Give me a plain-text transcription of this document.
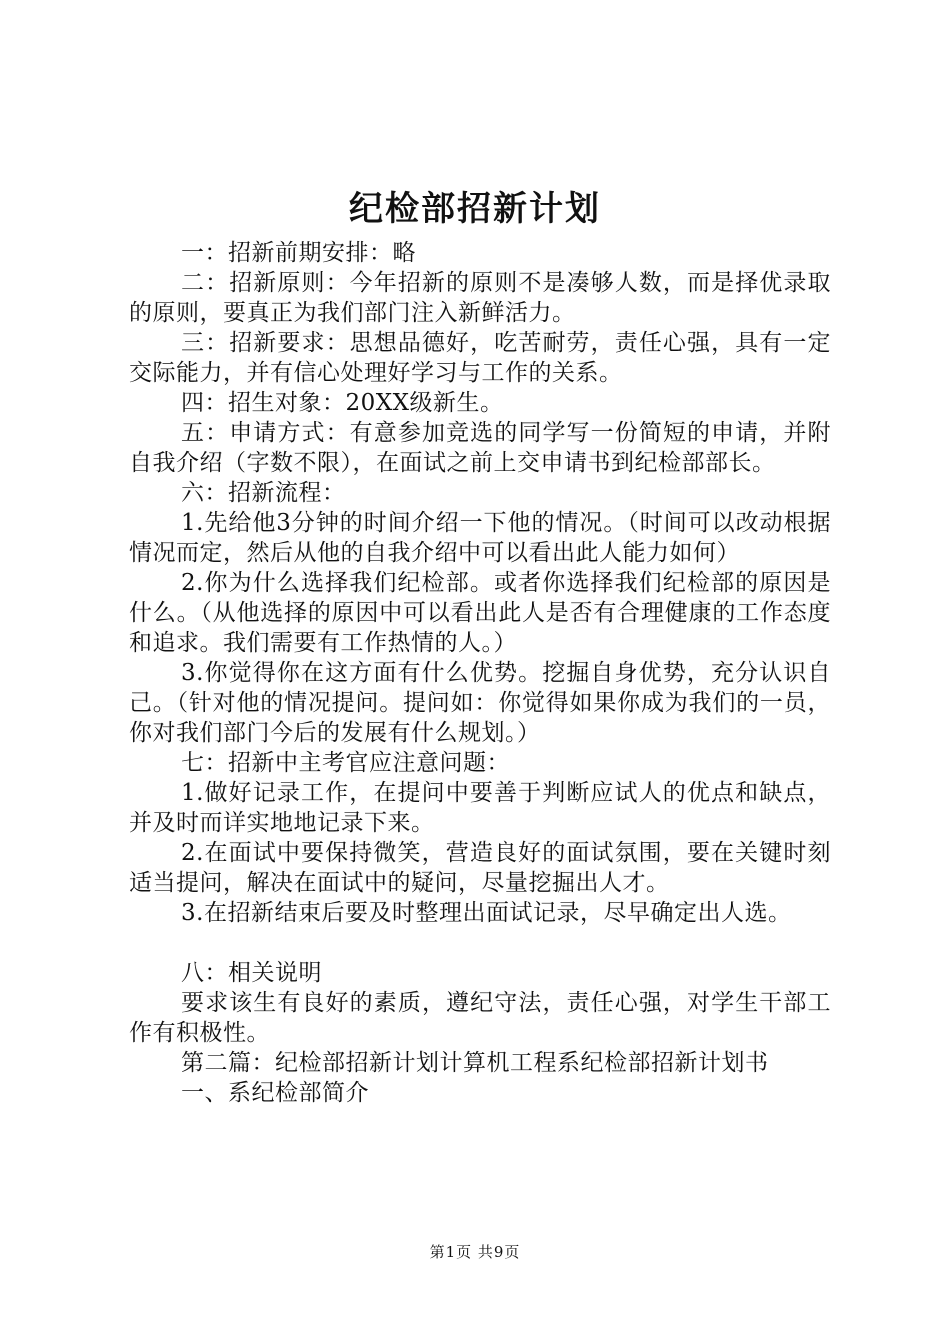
纪检部招新计划

一：招新前期安排：略

二：招新原则：今年招新的原则不是凑够人数，而是择优录取的原则，要真正为我们部门注入新鲜活力。

三：招新要求：思想品德好，吃苦耐劳，责任心强，具有一定交际能力，并有信心处理好学习与工作的关系。

四：招生对象：20XX级新生。

五：申请方式：有意参加竞选的同学写一份简短的申请，并附自我介绍（字数不限），在面试之前上交申请书到纪检部部长。

六：招新流程：

1.先给他3分钟的时间介绍一下他的情况。（时间可以改动根据情况而定，然后从他的自我介绍中可以看出此人能力如何）

2.你为什么选择我们纪检部。或者你选择我们纪检部的原因是什么。（从他选择的原因中可以看出此人是否有合理健康的工作态度和追求。我们需要有工作热情的人。）

3.你觉得你在这方面有什么优势。挖掘自身优势，充分认识自己。（针对他的情况提问。提问如：你觉得如果你成为我们的一员，你对我们部门今后的发展有什么规划。）

七：招新中主考官应注意问题：

1.做好记录工作，在提问中要善于判断应试人的优点和缺点，并及时而详实地地记录下来。

2.在面试中要保持微笑，营造良好的面试氛围，要在关键时刻适当提问，解决在面试中的疑问，尽量挖掘出人才。

3.在招新结束后要及时整理出面试记录，尽早确定出人选。

八：相关说明

要求该生有良好的素质，遵纪守法，责任心强，对学生干部工作有积极性。

第二篇：纪检部招新计划计算机工程系纪检部招新计划书

一、系纪检部简介

第1页 共9页
